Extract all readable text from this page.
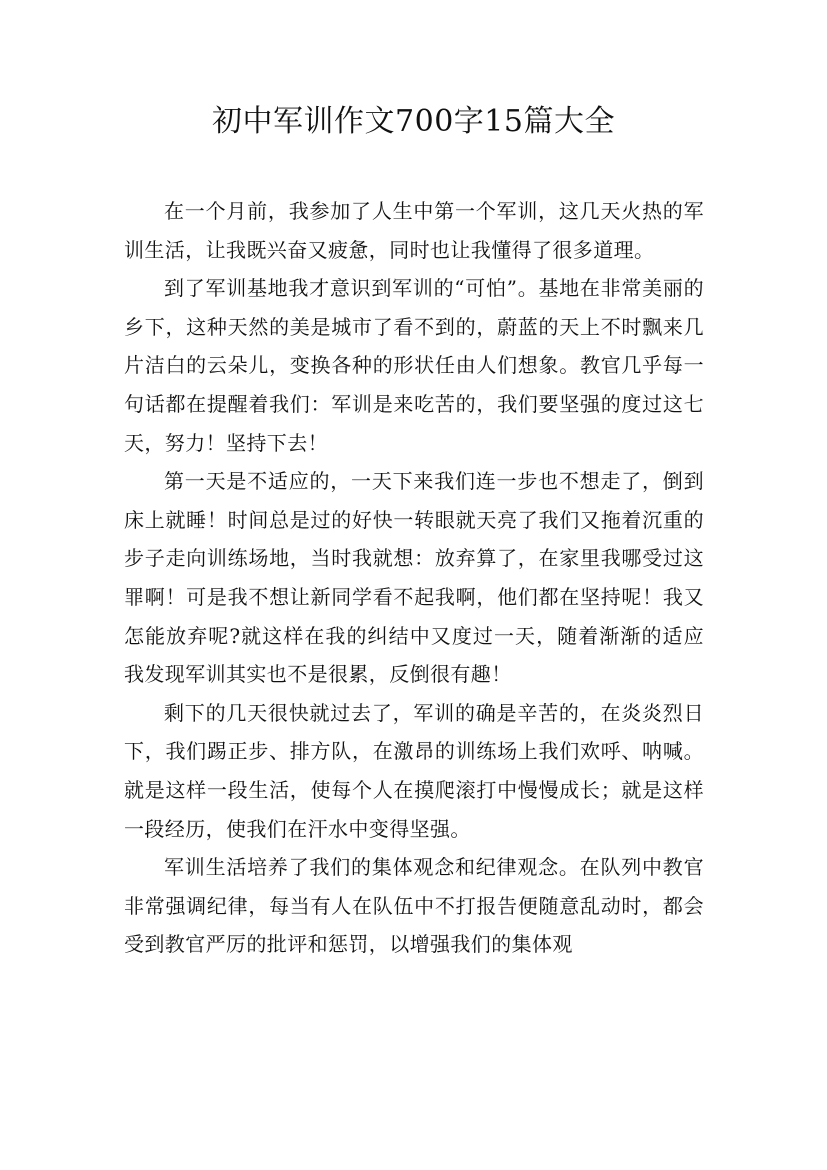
初中军训作文700字15篇大全

在一个月前，我参加了人生中第一个军训，这几天火热的军训生活，让我既兴奋又疲惫，同时也让我懂得了很多道理。

到了军训基地我才意识到军训的“可怕”。基地在非常美丽的乡下，这种天然的美是城市了看不到的，蔚蓝的天上不时飘来几片洁白的云朵儿，变换各种的形状任由人们想象。教官几乎每一句话都在提醒着我们：军训是来吃苦的，我们要坚强的度过这七天，努力！坚持下去！

第一天是不适应的，一天下来我们连一步也不想走了，倒到床上就睡！时间总是过的好快一转眼就天亮了我们又拖着沉重的步子走向训练场地，当时我就想：放弃算了，在家里我哪受过这罪啊！可是我不想让新同学看不起我啊，他们都在坚持呢！我又怎能放弃呢?就这样在我的纠结中又度过一天，随着渐渐的适应我发现军训其实也不是很累，反倒很有趣！

剩下的几天很快就过去了，军训的确是辛苦的，在炎炎烈日下，我们踢正步、排方队，在激昂的训练场上我们欢呼、呐喊。就是这样一段生活，使每个人在摸爬滚打中慢慢成长；就是这样一段经历，使我们在汗水中变得坚强。

军训生活培养了我们的集体观念和纪律观念。在队列中教官非常强调纪律，每当有人在队伍中不打报告便随意乱动时，都会受到教官严厉的批评和惩罚，以增强我们的集体观
